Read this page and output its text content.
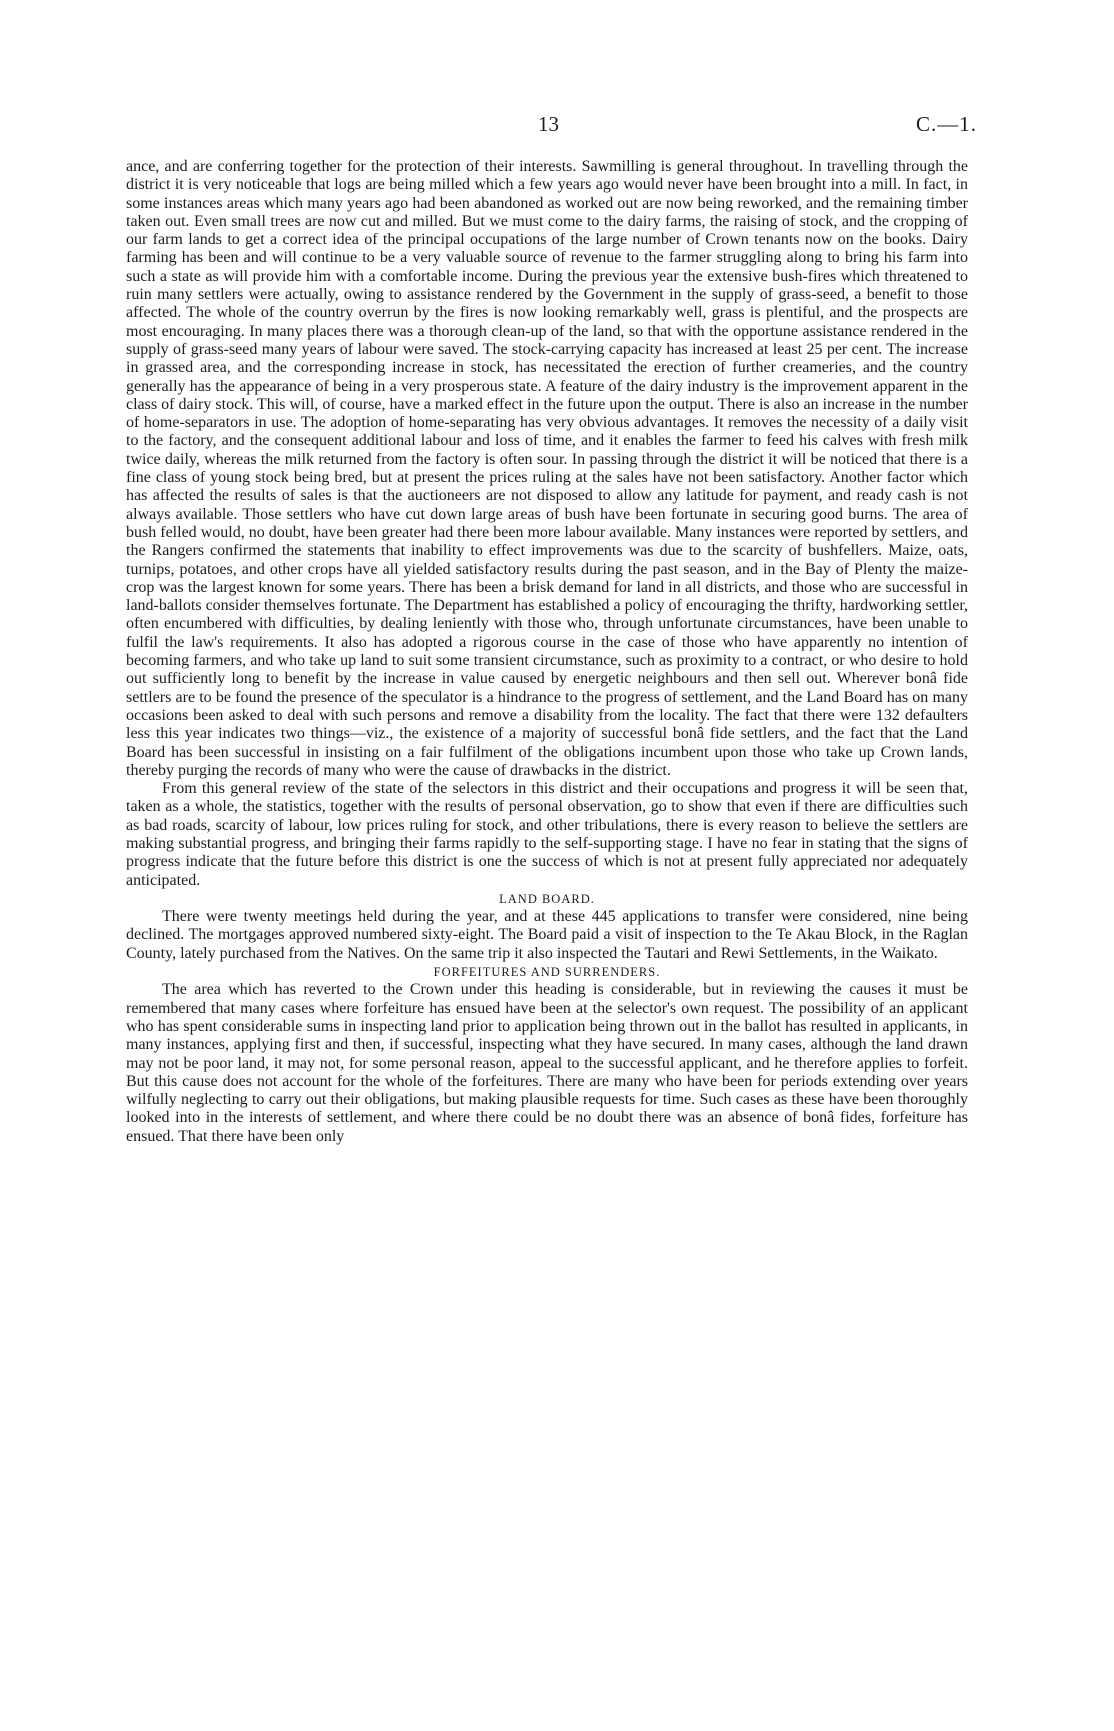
13	C.—1.

ance, and are conferring together for the protection of their interests. Sawmilling is general throughout. In travelling through the district it is very noticeable that logs are being milled which a few years ago would never have been brought into a mill. In fact, in some instances areas which many years ago had been abandoned as worked out are now being reworked, and the remaining timber taken out. Even small trees are now cut and milled. But we must come to the dairy farms, the raising of stock, and the cropping of our farm lands to get a correct idea of the principal occupations of the large number of Crown tenants now on the books. Dairy farming has been and will continue to be a very valuable source of revenue to the farmer struggling along to bring his farm into such a state as will provide him with a comfortable income. During the previous year the extensive bush-fires which threatened to ruin many settlers were actually, owing to assistance rendered by the Government in the supply of grass-seed, a benefit to those affected. The whole of the country overrun by the fires is now looking remarkably well, grass is plentiful, and the prospects are most encouraging. In many places there was a thorough clean-up of the land, so that with the opportune assistance rendered in the supply of grass-seed many years of labour were saved. The stock-carrying capacity has increased at least 25 per cent. The increase in grassed area, and the corresponding increase in stock, has necessitated the erection of further creameries, and the country generally has the appearance of being in a very prosperous state. A feature of the dairy industry is the improvement apparent in the class of dairy stock. This will, of course, have a marked effect in the future upon the output. There is also an increase in the number of home-separators in use. The adoption of home-separating has very obvious advantages. It removes the necessity of a daily visit to the factory, and the consequent additional labour and loss of time, and it enables the farmer to feed his calves with fresh milk twice daily, whereas the milk returned from the factory is often sour. In passing through the district it will be noticed that there is a fine class of young stock being bred, but at present the prices ruling at the sales have not been satisfactory. Another factor which has affected the results of sales is that the auctioneers are not disposed to allow any latitude for payment, and ready cash is not always available. Those settlers who have cut down large areas of bush have been fortunate in securing good burns. The area of bush felled would, no doubt, have been greater had there been more labour available. Many instances were reported by settlers, and the Rangers confirmed the statements that inability to effect improvements was due to the scarcity of bushfellers. Maize, oats, turnips, potatoes, and other crops have all yielded satisfactory results during the past season, and in the Bay of Plenty the maize-crop was the largest known for some years. There has been a brisk demand for land in all districts, and those who are successful in land-ballots consider themselves fortunate. The Department has established a policy of encouraging the thrifty, hardworking settler, often encumbered with difficulties, by dealing leniently with those who, through unfortunate circumstances, have been unable to fulfil the law's requirements. It also has adopted a rigorous course in the case of those who have apparently no intention of becoming farmers, and who take up land to suit some transient circumstance, such as proximity to a contract, or who desire to hold out sufficiently long to benefit by the increase in value caused by energetic neighbours and then sell out. Wherever bonâ fide settlers are to be found the presence of the speculator is a hindrance to the progress of settlement, and the Land Board has on many occasions been asked to deal with such persons and remove a disability from the locality. The fact that there were 132 defaulters less this year indicates two things—viz., the existence of a majority of successful bonâ fide settlers, and the fact that the Land Board has been successful in insisting on a fair fulfilment of the obligations incumbent upon those who take up Crown lands, thereby purging the records of many who were the cause of drawbacks in the district.

From this general review of the state of the selectors in this district and their occupations and progress it will be seen that, taken as a whole, the statistics, together with the results of personal observation, go to show that even if there are difficulties such as bad roads, scarcity of labour, low prices ruling for stock, and other tribulations, there is every reason to believe the settlers are making substantial progress, and bringing their farms rapidly to the self-supporting stage. I have no fear in stating that the signs of progress indicate that the future before this district is one the success of which is not at present fully appreciated nor adequately anticipated.

LAND BOARD.

There were twenty meetings held during the year, and at these 445 applications to transfer were considered, nine being declined. The mortgages approved numbered sixty-eight. The Board paid a visit of inspection to the Te Akau Block, in the Raglan County, lately purchased from the Natives. On the same trip it also inspected the Tautari and Rewi Settlements, in the Waikato.

FORFEITURES AND SURRENDERS.

The area which has reverted to the Crown under this heading is considerable, but in reviewing the causes it must be remembered that many cases where forfeiture has ensued have been at the selector's own request. The possibility of an applicant who has spent considerable sums in inspecting land prior to application being thrown out in the ballot has resulted in applicants, in many instances, applying first and then, if successful, inspecting what they have secured. In many cases, although the land drawn may not be poor land, it may not, for some personal reason, appeal to the successful applicant, and he therefore applies to forfeit. But this cause does not account for the whole of the forfeitures. There are many who have been for periods extending over years wilfully neglecting to carry out their obligations, but making plausible requests for time. Such cases as these have been thoroughly looked into in the interests of settlement, and where there could be no doubt there was an absence of bonâ fides, forfeiture has ensued. That there have been only
